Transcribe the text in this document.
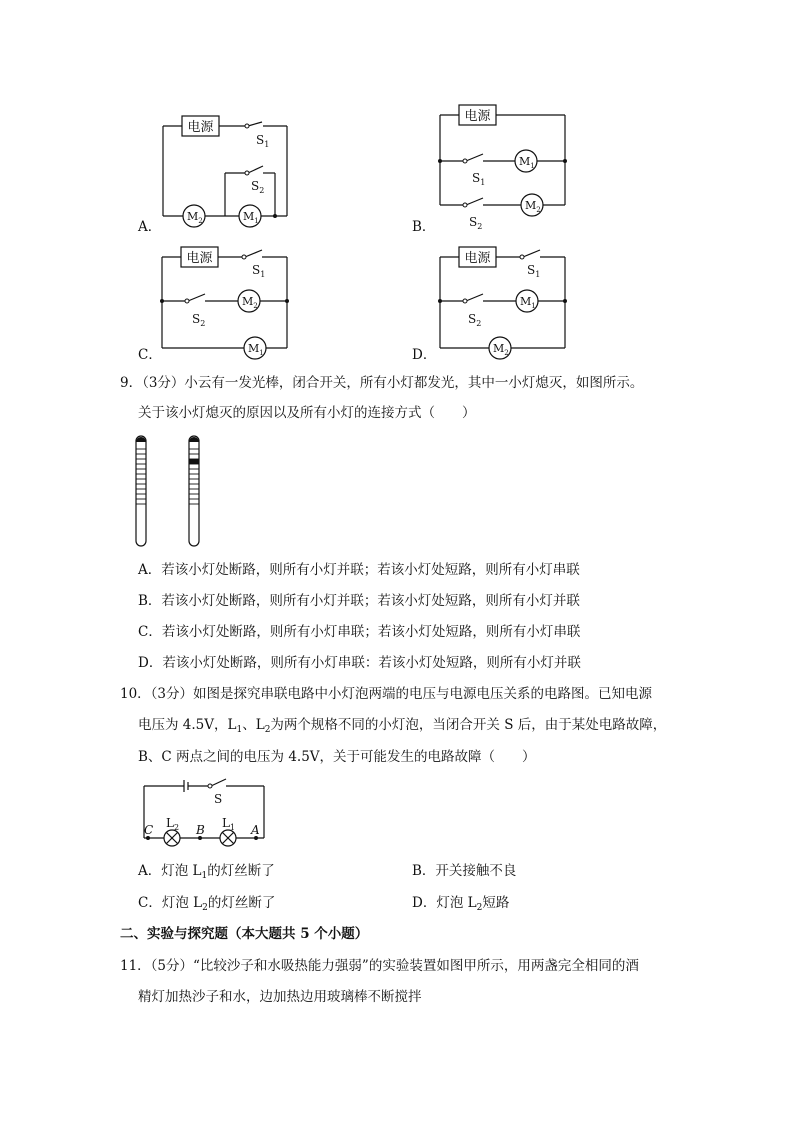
A．
电源
$S_1$
$S_2$
$M_2$	$M_1$	B．
电源
$S_1$
$S_2$
$M_1$
$M_2$
C．
电源
$S_1$
$S_2$
$M_2$
$M_1$	D．
电源
$S_1$
$S_2$
$M_1$
$M_2$
9．（3分）小云有一发光棒，闭合开关，所有小灯都发光，其中一小灯熄灭，如图所示。
关于该小灯熄灭的原因以及所有小灯的连接方式（　　）
A．若该小灯处断路，则所有小灯并联；若该小灯处短路，则所有小灯串联
B．若该小灯处断路，则所有小灯并联；若该小灯处短路，则所有小灯并联
C．若该小灯处断路，则所有小灯串联；若该小灯处短路，则所有小灯串联
D．若该小灯处断路，则所有小灯串联：若该小灯处短路，则所有小灯并联
10．（3分）如图是探究串联电路中小灯泡两端的电压与电源电压关系的电路图。已知电源
电压为 4.5V，$L_1$、$L_2$为两个规格不同的小灯泡，当闭合开关 S 后，由于某处电路故障，
B、C 两点之间的电压为 4.5V，关于可能发生的电路故障（　　）
S
$L_2$	$L_1$
C	B	A
A．灯泡 $L_1$的灯丝断了	B．开关接触不良
C．灯泡 $L_2$的灯丝断了	D．灯泡 $L_2$短路
二、实验与探究题（本大题共 5 个小题）
11．（5分）“比较沙子和水吸热能力强弱”的实验装置如图甲所示，用两盏完全相同的酒
精灯加热沙子和水，边加热边用玻璃棒不断搅拌
